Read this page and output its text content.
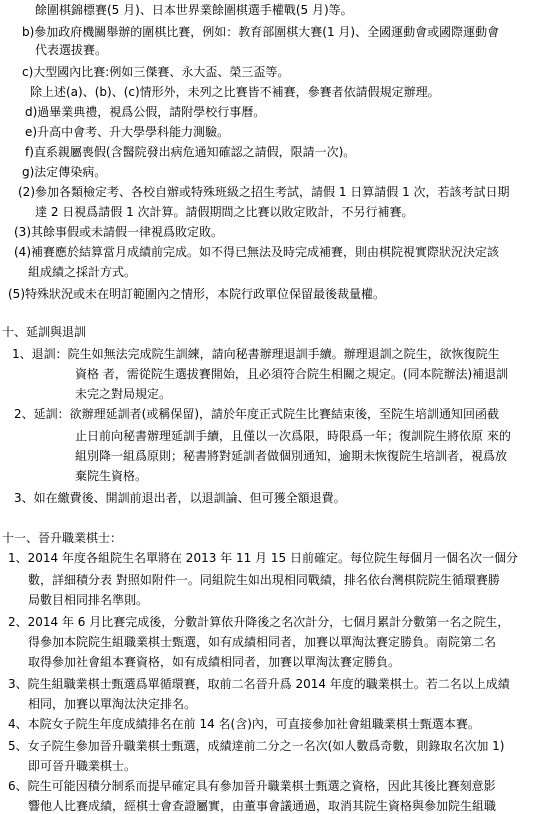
餘圍棋錦標賽(5 月)、日本世界業餘圍棋選手權戰(5 月)等。
b)參加政府機關舉辦的圍棋比賽，例如：教育部圍棋大賽(1 月)、全國運動會或國際運動會
代表選拔賽。
c)大型國內比賽:例如三傑賽、永大盃、榮三盃等。
除上述(a)、(b)、(c)情形外，未列之比賽皆不補賽，參賽者依請假規定辦理。
d)過畢業典禮，視爲公假，請附學校行事曆。
e)升高中會考、升大學學科能力測驗。
f)直系親屬喪假(含醫院發出病危通知確認之請假，限請一次)。
g)法定傳染病。
(2)參加各類檢定考、各校自辦或特殊班級之招生考試，請假 1 日算請假 1 次，若該考試日期
達 2 日視爲請假 1 次計算。請假期間之比賽以敗定敗計，不另行補賽。
(3)其餘事假或未請假一律視爲敗定敗。
(4)補賽應於結算當月成績前完成。如不得已無法及時完成補賽，則由棋院視實際狀況決定該
組成績之採計方式。
(5)特殊狀況或未在明訂範圍內之情形，本院行政單位保留最後裁量權。
十、延訓與退訓
1、退訓：院生如無法完成院生訓練，請向秘書辦理退訓手續。辦理退訓之院生，欲恢復院生
資格 者，需從院生選拔賽開始，且必須符合院生相關之規定。(同本院辦法)補退訓
未完之對局規定。
2、延訓：欲辦理延訓者(或稱保留)，請於年度正式院生比賽結束後，至院生培訓通知回函截
止日前向秘書辦理延訓手續，且僅以一次爲限，時限爲一年；復訓院生將依原 來的
組別降一組爲原則；秘書將對延訓者做個別通知，逾期未恢復院生培訓者，視爲放
棄院生資格。
3、如在繳費後、開訓前退出者，以退訓論、但可獲全額退費。
十一、晉升職業棋士：
1、2014 年度各組院生名單將在 2013 年 11 月 15 日前確定。每位院生每個月一個名次一個分
數，詳細積分表 對照如附件一。同組院生如出現相同戰績，排名依台灣棋院院生循環賽勝
局數目相同排名準則。
2、2014 年 6 月比賽完成後，分數計算依升降後之名次計分，七個月累計分數第一名之院生，
得參加本院院生組職業棋士甄選，如有成績相同者，加賽以單淘汰賽定勝負。南院第二名
取得參加社會組本賽資格，如有成績相同者，加賽以單淘汰賽定勝負。
3、院生組職業棋士甄選爲單循環賽，取前二名晉升爲 2014 年度的職業棋士。若二名以上成績
相同，加賽以單淘汰決定排名。
4、本院女子院生年度成績排名在前 14 名(含)內，可直接參加社會組職業棋士甄選本賽。
5、女子院生參加晉升職業棋士甄選，成績達前二分之一名次(如人數爲奇數，則錄取名次加 1)
即可晉升職業棋士。
6、院生可能因積分制系而提早確定具有參加晉升職業棋士甄選之資格，因此其後比賽刻意影
響他人比賽成績，經棋士會查證屬實，由董事會議通過，取消其院生資格與參加院生組職
